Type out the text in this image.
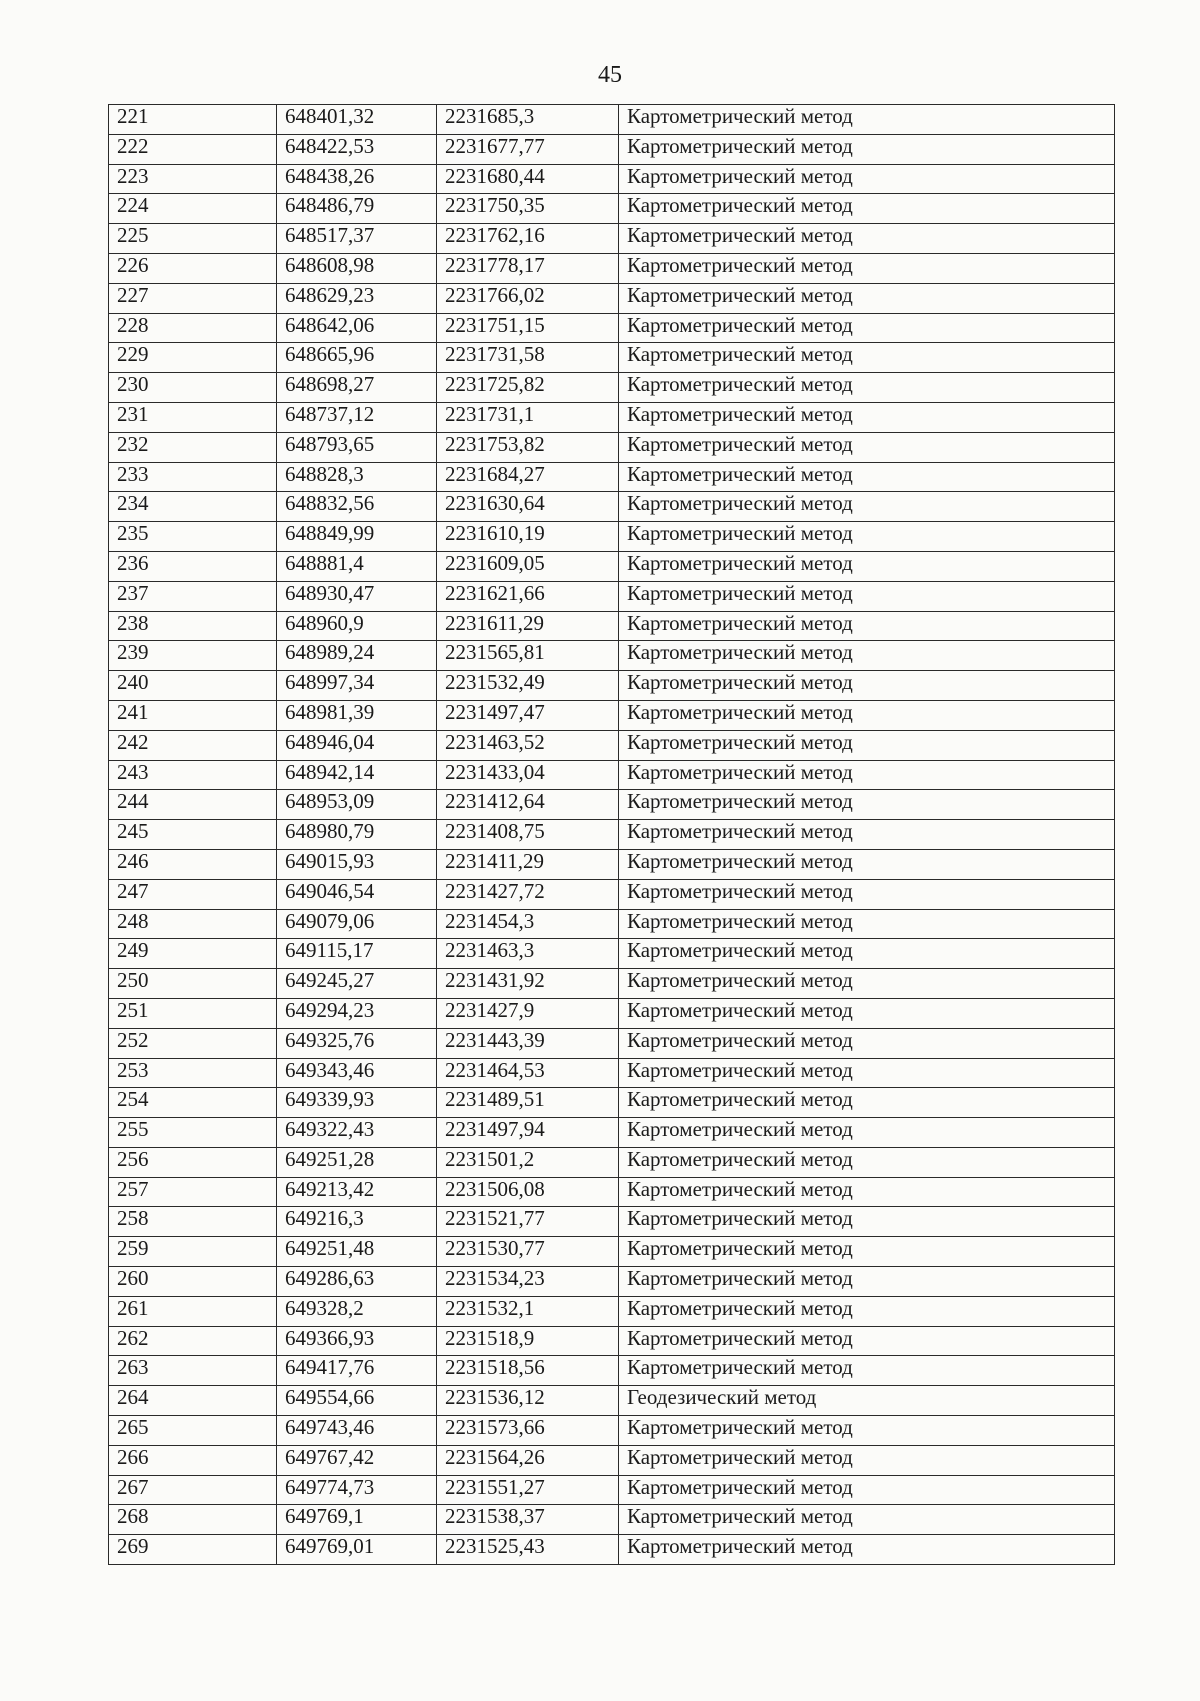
45
221	648401,32	2231685,3	Картометрический метод
222	648422,53	2231677,77	Картометрический метод
223	648438,26	2231680,44	Картометрический метод
224	648486,79	2231750,35	Картометрический метод
225	648517,37	2231762,16	Картометрический метод
226	648608,98	2231778,17	Картометрический метод
227	648629,23	2231766,02	Картометрический метод
228	648642,06	2231751,15	Картометрический метод
229	648665,96	2231731,58	Картометрический метод
230	648698,27	2231725,82	Картометрический метод
231	648737,12	2231731,1	Картометрический метод
232	648793,65	2231753,82	Картометрический метод
233	648828,3	2231684,27	Картометрический метод
234	648832,56	2231630,64	Картометрический метод
235	648849,99	2231610,19	Картометрический метод
236	648881,4	2231609,05	Картометрический метод
237	648930,47	2231621,66	Картометрический метод
238	648960,9	2231611,29	Картометрический метод
239	648989,24	2231565,81	Картометрический метод
240	648997,34	2231532,49	Картометрический метод
241	648981,39	2231497,47	Картометрический метод
242	648946,04	2231463,52	Картометрический метод
243	648942,14	2231433,04	Картометрический метод
244	648953,09	2231412,64	Картометрический метод
245	648980,79	2231408,75	Картометрический метод
246	649015,93	2231411,29	Картометрический метод
247	649046,54	2231427,72	Картометрический метод
248	649079,06	2231454,3	Картометрический метод
249	649115,17	2231463,3	Картометрический метод
250	649245,27	2231431,92	Картометрический метод
251	649294,23	2231427,9	Картометрический метод
252	649325,76	2231443,39	Картометрический метод
253	649343,46	2231464,53	Картометрический метод
254	649339,93	2231489,51	Картометрический метод
255	649322,43	2231497,94	Картометрический метод
256	649251,28	2231501,2	Картометрический метод
257	649213,42	2231506,08	Картометрический метод
258	649216,3	2231521,77	Картометрический метод
259	649251,48	2231530,77	Картометрический метод
260	649286,63	2231534,23	Картометрический метод
261	649328,2	2231532,1	Картометрический метод
262	649366,93	2231518,9	Картометрический метод
263	649417,76	2231518,56	Картометрический метод
264	649554,66	2231536,12	Геодезический метод
265	649743,46	2231573,66	Картометрический метод
266	649767,42	2231564,26	Картометрический метод
267	649774,73	2231551,27	Картометрический метод
268	649769,1	2231538,37	Картометрический метод
269	649769,01	2231525,43	Картометрический метод
